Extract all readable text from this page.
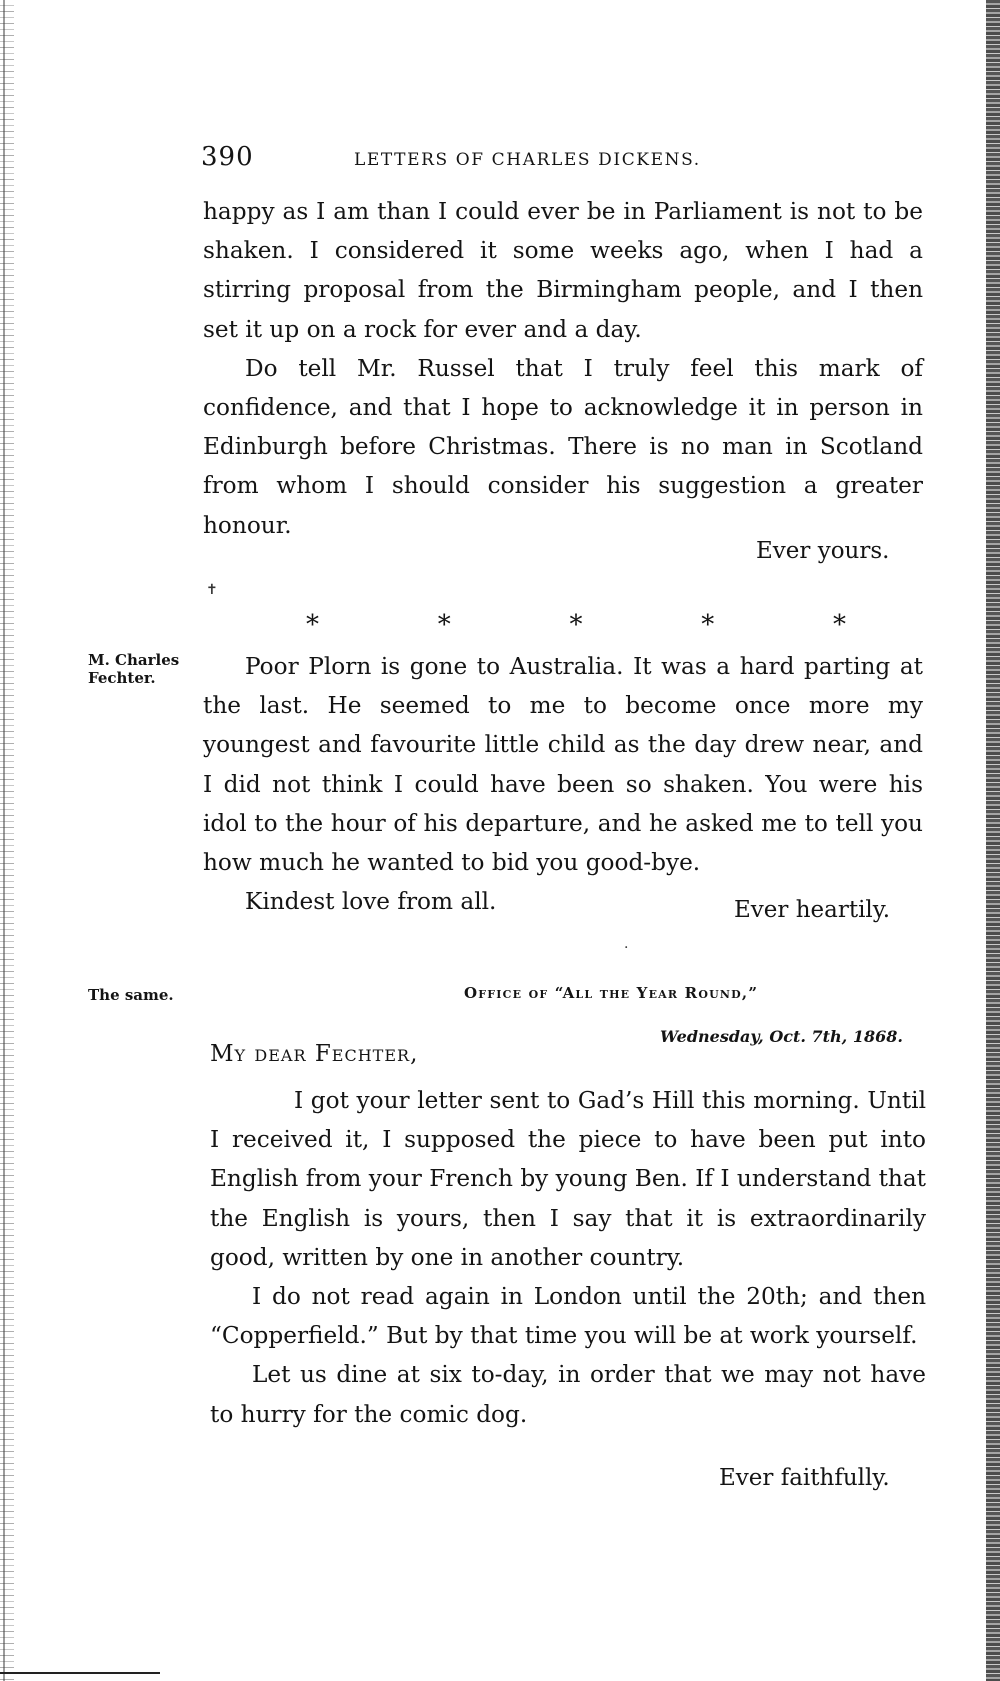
390	LETTERS OF CHARLES DICKENS.

happy as I am than I could ever be in Parliament is not to be shaken. I considered it some weeks ago, when I had a stirring proposal from the Birmingham people, and I then set it up on a rock for ever and a day.

Do tell Mr. Russel that I truly feel this mark of confidence, and that I hope to acknowledge it in person in Edinburgh before Christmas. There is no man in Scotland from whom I should consider his suggestion a greater honour.

Ever yours.
✝
*	*	*	*	*
M. Charles
Fechter.	Poor Plorn is gone to Australia. It was a hard parting at the last. He seemed to me to become once more my youngest and favourite little child as the day drew near, and I did not think I could have been so shaken. You were his idol to the hour of his departure, and he asked me to tell you how much he wanted to bid you good-bye.

Kindest love from all.	Ever heartily.
·
The same.	Office of “All the Year Round,”
Wednesday, Oct. 7th, 1868.
My dear Fechter,

I got your letter sent to Gad’s Hill this morning. Until I received it, I supposed the piece to have been put into English from your French by young Ben. If I understand that the English is yours, then I say that it is extraordinarily good, written by one in another country.

I do not read again in London until the 20th; and then “Copperfield.” But by that time you will be at work yourself.

Let us dine at six to-day, in order that we may not have to hurry for the comic dog.

Ever faithfully.
